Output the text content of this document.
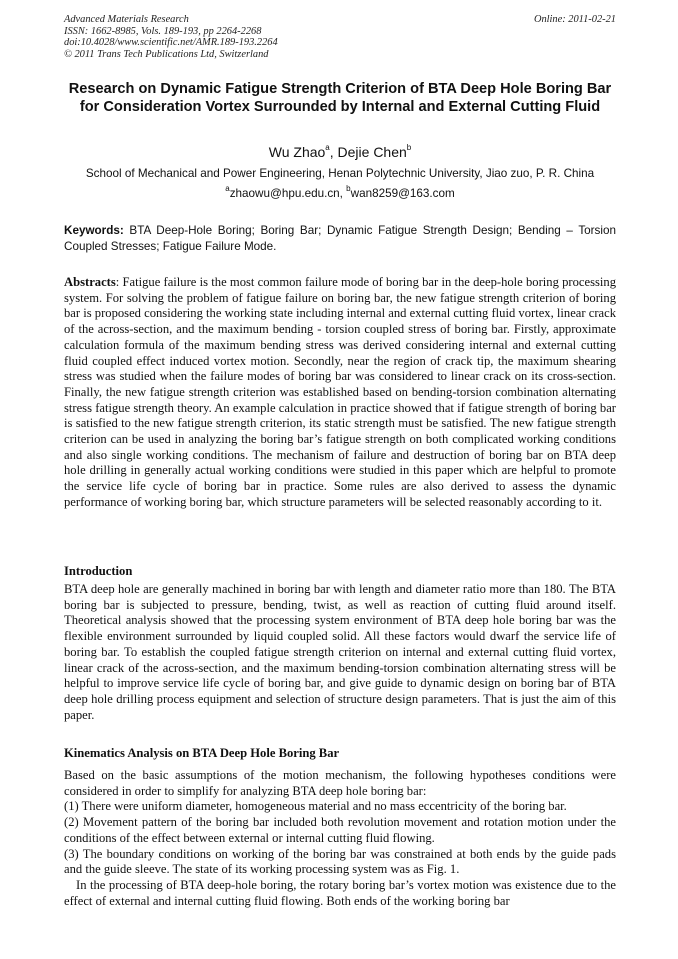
Advanced Materials Research
ISSN: 1662-8985, Vols. 189-193, pp 2264-2268
doi:10.4028/www.scientific.net/AMR.189-193.2264
© 2011 Trans Tech Publications Ltd, Switzerland
Online: 2011-02-21
Research on Dynamic Fatigue Strength Criterion of BTA Deep Hole Boring Bar for Consideration Vortex Surrounded by Internal and External Cutting Fluid
Wu Zhao$^a$, Dejie Chen$^b$
School of Mechanical and Power Engineering, Henan Polytechnic University, Jiao zuo, P. R. China
$^a$zhaowu@hpu.edu.cn, $^b$wan8259@163.com
Keywords: BTA Deep-Hole Boring; Boring Bar; Dynamic Fatigue Strength Design; Bending – Torsion Coupled Stresses; Fatigue Failure Mode.
Abstracts: Fatigue failure is the most common failure mode of boring bar in the deep-hole boring processing system. For solving the problem of fatigue failure on boring bar, the new fatigue strength criterion of boring bar is proposed considering the working state including internal and external cutting fluid vortex, linear crack of the across-section, and the maximum bending - torsion coupled stress of boring bar. Firstly, approximate calculation formula of the maximum bending stress was derived considering internal and external cutting fluid coupled effect induced vortex motion. Secondly, near the region of crack tip, the maximum shearing stress was studied when the failure modes of boring bar was considered to linear crack on its cross-section. Finally, the new fatigue strength criterion was established based on bending-torsion combination alternating stress fatigue strength theory. An example calculation in practice showed that if fatigue strength of boring bar is satisfied to the new fatigue strength criterion, its static strength must be satisfied. The new fatigue strength criterion can be used in analyzing the boring bar’s fatigue strength on both complicated working conditions and also single working conditions. The mechanism of failure and destruction of boring bar on BTA deep hole drilling in generally actual working conditions were studied in this paper which are helpful to promote the service life cycle of boring bar in practice. Some rules are also derived to assess the dynamic performance of working boring bar, which structure parameters will be selected reasonably according to it.
Introduction
BTA deep hole are generally machined in boring bar with length and diameter ratio more than 180. The BTA boring bar is subjected to pressure, bending, twist, as well as reaction of cutting fluid around itself. Theoretical analysis showed that the processing system environment of BTA deep hole boring bar was the flexible environment surrounded by liquid coupled solid. All these factors would dwarf the service life of boring bar. To establish the coupled fatigue strength criterion on internal and external cutting fluid vortex, linear crack of the across-section, and the maximum bending-torsion combination alternating stress will be helpful to improve service life cycle of boring bar, and give guide to dynamic design on boring bar of BTA deep hole drilling process equipment and selection of structure design parameters. That is just the aim of this paper.
Kinematics Analysis on BTA Deep Hole Boring Bar

Based on the basic assumptions of the motion mechanism, the following hypotheses conditions were considered in order to simplify for analyzing BTA deep hole boring bar:

(1) There were uniform diameter, homogeneous material and no mass eccentricity of the boring bar.

(2) Movement pattern of the boring bar included both revolution movement and rotation motion under the conditions of the effect between external or internal cutting fluid flowing.

(3) The boundary conditions on working of the boring bar was constrained at both ends by the guide pads and the guide sleeve. The state of its working processing system was as Fig. 1.

In the processing of BTA deep-hole boring, the rotary boring bar’s vortex motion was existence due to the effect of external and internal cutting fluid flowing. Both ends of the working boring bar
